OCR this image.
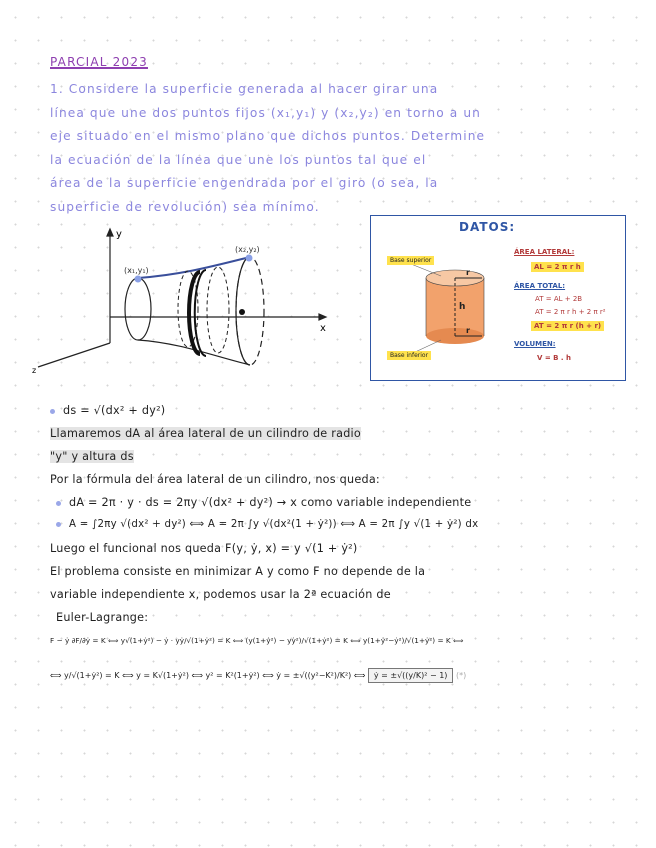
PARCIAL 2023
1. Considere la superficie generada al hacer girar una
línea que une dos puntos fijos (x₁,y₁) y (x₂,y₂) en torno a un
eje situado en el mismo plano que dichos puntos. Determine
la ecuación de la línea que une los puntos tal que el
área de la superficie engendrada por el giro (o sea, la
superficie de revolución) sea mínimo.
y
x
z
(x₁,y₁)
(x₂,y₂)
DATOS:
Base superior
Base inferior
r
r
h
ÁREA LATERAL:
AL = 2 π r h
ÁREA TOTAL:
AT = AL + 2B
AT = 2 π r h + 2 π r²
AT = 2 π r (h + r)
VOLUMEN:
V = B . h
ds = √(dx² + dy²)
Llamaremos dA al área lateral de un cilindro de radio
"y" y altura ds
Por la fórmula del área lateral de un cilindro, nos queda:
dA = 2π · y · ds = 2πy √(dx² + dy²) → x como variable independiente
A = ∫2πy √(dx² + dy²) ⟺ A = 2π ∫y √(dx²(1 + ẏ²)) ⟺ A = 2π ∫y √(1 + ẏ²) dx
Luego el funcional nos queda F(y, ẏ, x) = y √(1 + ẏ²)
El problema consiste en minimizar A y como F no depende de la
variable independiente x, podemos usar la 2ª ecuación de
Euler-Lagrange:
F − ẏ ∂F/∂ẏ = K ⟺ y√(1+ẏ²) − ẏ · yẏ/√(1+ẏ²) = K ⟺ (y(1+ẏ²) − yẏ²)/√(1+ẏ²) = K ⟺ y(1+ẏ²−ẏ²)/√(1+ẏ²) = K ⟺
⟺ y/√(1+ẏ²) = K ⟺ y = K√(1+ẏ²) ⟺ y² = K²(1+ẏ²) ⟺ ẏ = ±√((y²−K²)/K²) ⟺ ẏ = ±√((y/K)² − 1) (*)
